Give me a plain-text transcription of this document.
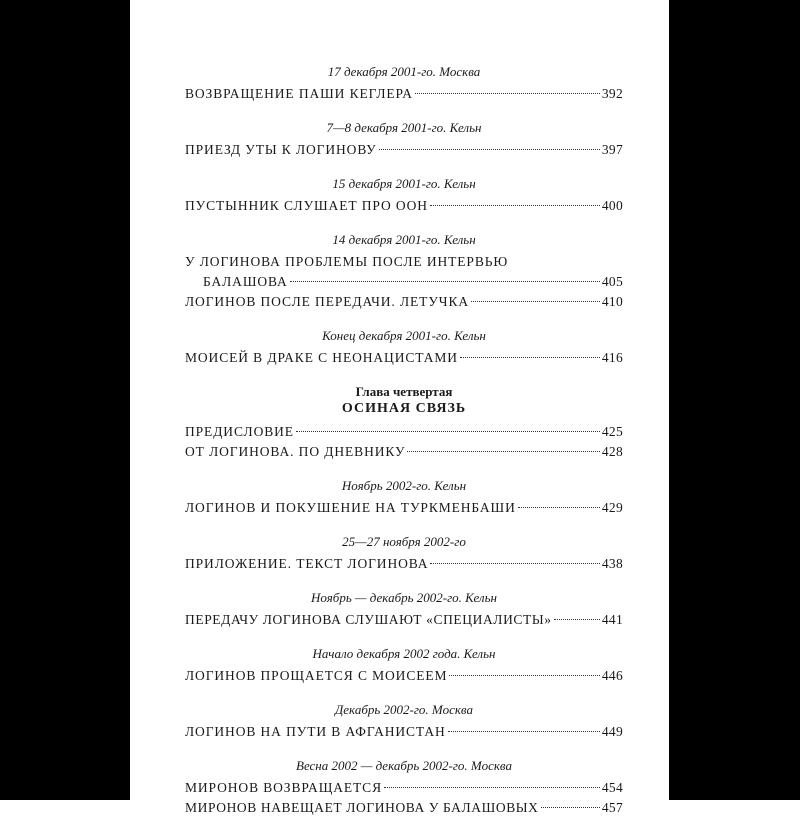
17 декабря 2001-го. Москва
ВОЗВРАЩЕНИЕ ПАШИ КЕГЛЕРА	392
7—8 декабря 2001-го. Кельн
ПРИЕЗД УТЫ К ЛОГИНОВУ	397
15 декабря 2001-го. Кельн
ПУСТЫННИК СЛУШАЕТ ПРО ООН	400
14 декабря 2001-го. Кельн
У ЛОГИНОВА ПРОБЛЕМЫ ПОСЛЕ ИНТЕРВЬЮ
БАЛАШОВА	405
ЛОГИНОВ ПОСЛЕ ПЕРЕДАЧИ. ЛЕТУЧКА	410
Конец декабря 2001-го. Кельн
МОИСЕЙ В ДРАКЕ С НЕОНАЦИСТАМИ	416
Глава четвертая
ОСИНАЯ СВЯЗЬ
ПРЕДИСЛОВИЕ	425
ОТ ЛОГИНОВА. ПО ДНЕВНИКУ	428
Ноябрь 2002-го. Кельн
ЛОГИНОВ И ПОКУШЕНИЕ НА ТУРКМЕНБАШИ	429
25—27 ноября 2002-го
ПРИЛОЖЕНИЕ. ТЕКСТ ЛОГИНОВА	438
Ноябрь — декабрь 2002-го. Кельн
ПЕРЕДАЧУ ЛОГИНОВА СЛУШАЮТ «СПЕЦИАЛИСТЫ»	441
Начало декабря 2002 года. Кельн
ЛОГИНОВ ПРОЩАЕТСЯ С МОИСЕЕМ	446
Декабрь 2002-го. Москва
ЛОГИНОВ НА ПУТИ В АФГАНИСТАН	449
Весна 2002 — декабрь 2002-го. Москва
МИРОНОВ ВОЗВРАЩАЕТСЯ	454
МИРОНОВ НАВЕЩАЕТ ЛОГИНОВА У БАЛАШОВЫХ	457
